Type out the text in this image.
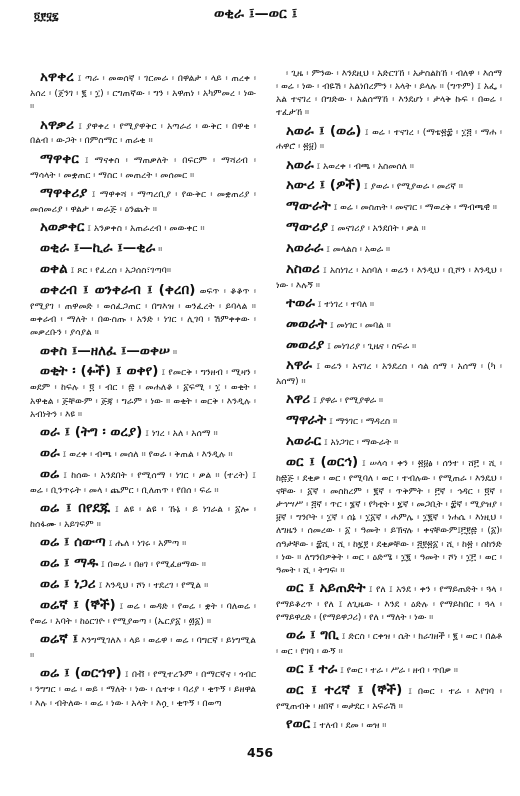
፬፻፶፯	ወቂራ ፤—ወር ፤

አዋቀረ ፤ ጣራ ፡ መወሰኛ ፡ ገርመራ ፡ በዋልታ ፡ ላይ ፡ ጠረቀ ፡ አሰረ ፡ (ጀንገ ፡ ፪ ፡ ፲) ፡ ርግጠኛው ፡ ግን ፡ አዋጠነ ፡ አካምመረ ፡ ነው ።

አዋቃሪ ፤ ያዋቀረ ፡ የሚያዋቅር ፡ አጣራሪ ፡ ውቅር ፡ በዋቂ ፡ በልብ ፡ ውጋት ፡ በምስማር ፡ ጠራቂ ።

ማዋቀር ፤ ማናቀስ ፡ ማጠቃለት ፡ በፍርም ፡ ማሻሪብ ፡ ማሳላት ፡ መቋጠር ፡ ማስር ፡ መጠረት ፡ መሰመር ።

ማዋቀሪያ ፤ ማዋቀሻ ፡ ማጣረቢያ ፡ የውቅር ፡ መቋጠሪያ ፡ መሰመሪያ ፡ ዋልታ ፡ ወራጅ ፡ ዕንጨት ።

አወቃቀር ፤ አንቃቀስ ፡ አጠራረብ ፡ መውቀር ።

ወቂራ ፤—ኪራ ፤—ቂራ ።

ወቀል ፤ ጾር ፡ የፈረስ ፡ አጋሰስ፣ገጣባ።

ወቀረብ ፤ ወንቀራብ ፤ (ቀረበ) ወፍጥ ፡ ቆቆጥ ፡ የሚያገ ፡ ጠዋመድ ፡ ወሰፈጋጠር ፡ በግእዝ ፡ ወንፈረት ፡ ይባላል ። ወቀራብ ፡ ማለት ፡ በውስጡ ፡ አንድ ፡ ነገር ፡ ሊገባ ፡ ሽምቀቀው ፡ መቃረቡን ፡ ያሳያል ።

ወቀስ ፤—ዘለፈ ፤—ወቀሠ ።

ወቂት ፡ (ፉች) ፤ ወቀየ) ፤ የመርቅ ፡ ግንዘብ ፡ ሚዛን ፡ ወደም ፡ ከፍሉ ፡ ፬ ፡ ብር ፡ ፷ ፡ መሐለቆ ፡ ፩ፍሚ ፡ ፲ ፡ ወቂት ፡ አዋቂል ፡ ጅቸውም ፡ ጅጃ ፡ ግራም ፡ ነው ። ወቂት ፡ ወርቅ ፡ እንዲሉ ፡ አብነትን ፡ እዩ ።

ወራ ፤ (ትግ ፡ ወረያ) ፤ ነገረ ፡ አለ ፡ አሰማ ።

ወራ ፤ ወረቀ ፡ ብጫ ፡ መሰለ ። የወራ ፡ ቅጠል ፡ እንዲሉ ።

ወሬ ፤ ከሰው ፡ አንደበት ፡ የሚሰማ ፡ ነገር ፡ ቃል ። (ተረት) ፤ ወሬ ፡ ቢንጥሩት ፡ መላ ፡ ጨምር ፡ ቢለጠጥ ፡ የበሰ ፡ ፍሬ ።

ወሬ ፤ በየደጁ ፤ ልዩ ፡ ልዩ ፡ ኹኔ ፡ ይ ነገራል ፡ ፩ሎ ፡ ከሰፋሙ ፡ አይገፍም ።

ወሬ ፤ ሰውጣ ፤ ሔለ ፡ ነገሩ ፡ አምጣ ።

ወሬ ፤ ማዱ ፤ በወራ ፡ በፀገ ፡ የሚፈፀማው ።

ወሬ ፤ ነጋሪ ፤ እንዲህ ፡ ሾነ ፡ ተደረገ ፡ የሚል ።

ወሬኛ ፤ (ኞች) ፤ ወሬ ፡ ወዳድ ፡ የወሬ ፡ ቋት ፡ ባለወሬ ፡ የወሬ ፡ አባት ፡ ከዕርገዮ ፡ የሚያወጣ ፡ (ኤርያ፩ ፡ ፴፩) ።

ወሬኛ ፤ እንግሚገለእ ፡ ላይ ፡ ወሬዋ ፡ ወሬ ፡ ባግርኛ ፡ ይነግሚል ።

ወሬ ፤ (ወርኀዋ) ፤ በቭ ፡ የሚተረጉም ፡ በማርኛና ፡ ጎብር ፡ ንግግር ፡ ወሬ ፡ ወይ ፡ ማለት ፡ ነው ፡ ሴተቱ ፡ ባሪያ ፡ ቂጥኝ ፡ ይዘዋል ፡ እሉ ፡ ብትለው ፡ ወሬ ፡ ነው ፡ አላት ፡ እሷ ፡ ቂጥኝ ፡ በወጣ

፡ ጊዜ ፡ ምንው ፡ እንደዚህ ፡ አድርገኸ ፡ አታስልከኸ ፡ ብለዋ ፡ እሰማ ፡ ወሬ ፡ ነው ፡ ብዬሽ ፡ አልነበረምን ፡ አላት ፡ ይላሉ ። (ግጥም) ፤ አፌ ፡ አል ተናገረ ፡ በግድው ፡ አልሰማኸ ፡ እንደሆነ ፡ ታላቅ ኩፍ ፡ በወሬ ፡ ተፈታኸ ።

አወራ ፤ (ወሬ) ፤ ወሬ ፡ ተናገረ ፡ (ማቴ፳፰ ፡ ፲፭ ፡ ማሐ ፡ ሐዋሮ ፡ ፳፱) ።

አወራ ፤ አወረቀ ፡ ብጫ ፡ አስመሰለ ።

አውሪ ፤ (ዎች) ፤ ያወራ ፡ የሚያወራ ፡ መሪኛ ።

ማውራት ፤ ወሬ ፡ መስጠት ፡ መናገር ፡ ማወረቅ ፡ ማብጫዊ ።

ማውሪያ ፤ መናገሪያ ፡ አንደበት ፡ ቃል ።

አወራራ ፤ መላልስ ፡ አወራ ።

አስወሪ ፤ አስነገረ ፡ አሰባለ ፡ ወሬን ፡ እንዲህ ፡ ቢሾን ፡ እንዲህ ፡ ነው ፡ እሉኝ ።

ተወራ ፤ ተነገረ ፡ ተባለ ።

መወራት ፤ መነገር ፡ መባል ።

መወሪያ ፤ መነገሪያ ፡ ጊዜና ፡ ስፍራ ።

አዋራ ፤ ወሬን ፡ አናገረ ፡ አንደረስ ፡ ሳል ሰማ ፡ አሰማ ፡ (ካ ፡ አሰማ) ።

አዋሪ ፤ ያዋራ ፡ የሚያዋራ ።

ማዋራት ፤ ማንገር ፡ ማዳረስ ።

አወራር ፤ አነጋገር ፡ ማውራት ።

ወር ፤ (ወርኅ) ፤ ሠላሳ ፡ ቀን ፡ ፳፱ፅ ፡ ሰንተ ፡ ሸ፫ ፡ ሺ ፡ ከ፷ጅ ፡ ደቂቃ ፡ ወር ፡ የሚባለ ፡ ወር ፡ ተብሉው ፡ የሚጠራ ፡ እንዴህ ፡ ናቸው ፡ ፩ኛ ፡ መስከረም ፡ ፪ኛ ፡ ጥቅምት ፡ ፫ኛ ፡ ኅዳር ፡ ፬ኛ ፡ ታኅሣሥ ፡ ፭ኛ ፡ ጥር ፡ ፮ኛ ፡ የካቲት ፡ ፯ኛ ፡ መጋቢት ፡ ፰ኛ ፡ ሚያዝያ ፡ ፱ኛ ፡ ግንቦት ፡ ፲ኛ ፡ ሰኔ ፡ ፲፩ኛ ፡ ሐምሌ ፡ ፲፪ኛ ፡ ነሐሴ ፡ እነዚህ ፡ ለግዜን ፡ ሰመረው ፡ ፩ ፡ ዓመት ፡ ይኽናሉ ፡ ቀናቸውም፤፫፻፷ ፡ (፩)፡ ሰዓታቸው ፡ ፰ሺ ፡ ሺ ፡ ከ፯፻ ፡ ደቂቃቸው ፡ ፭፻፳፩ ፡ ሺ ፡ ከ፳ ፡ ሰከንድ ፡ ነው ። ለግንበዎቅት ፡ ወር ፡ ዕድሜ ፡ ፲፪ ፡ ዓመት ፡ ሾነ ፡ ፲፫ ፡ ወር ፡ ዓመት ፡ ሺ ፡ ትግፍ፡ ።

ወር ፤ አይጠድት ፤ የለ ፤ አንደ ፡ ቀን ፡ የማይጠድት ፡ ጓላ ፡ የማይቆረጥ ፡ የለ ፤ ለጊዜው ፡ እንደ ፡ ዕድሉ ፡ የማይከበር ፡ ጓላ ፡ የማይዋረድ ፡ (የማይዋጋሪ) ፡ የለ ፡ ማለት ፡ ነው ።

ወሬ ፤ ግቢ ፤ ድርስ ፡ ርቀዝ ፡ ሴት ፡ ክራገዘች ፡ ፪ ፡ ወር ፡ በልቶ ፡ ወር ፡ የገባ ፡ ውኝ ።

ወር ፤ ተራ ፤ የወር ፡ ተራ ፡ ሥራ ፡ ዘብ ፡ ጥበቃ ።

ወር ፤ ተረኛ ፤ (ኞች) ፤ በወር ፡ ተራ ፡ እየገባ ፡ የሚጠብቅ ፡ ዘበኛ ፡ ወታደር ፡ አፍራሽ ።

የወር ፤ ተለብ ፡ ደመ ፡ ወዝ ።

456
